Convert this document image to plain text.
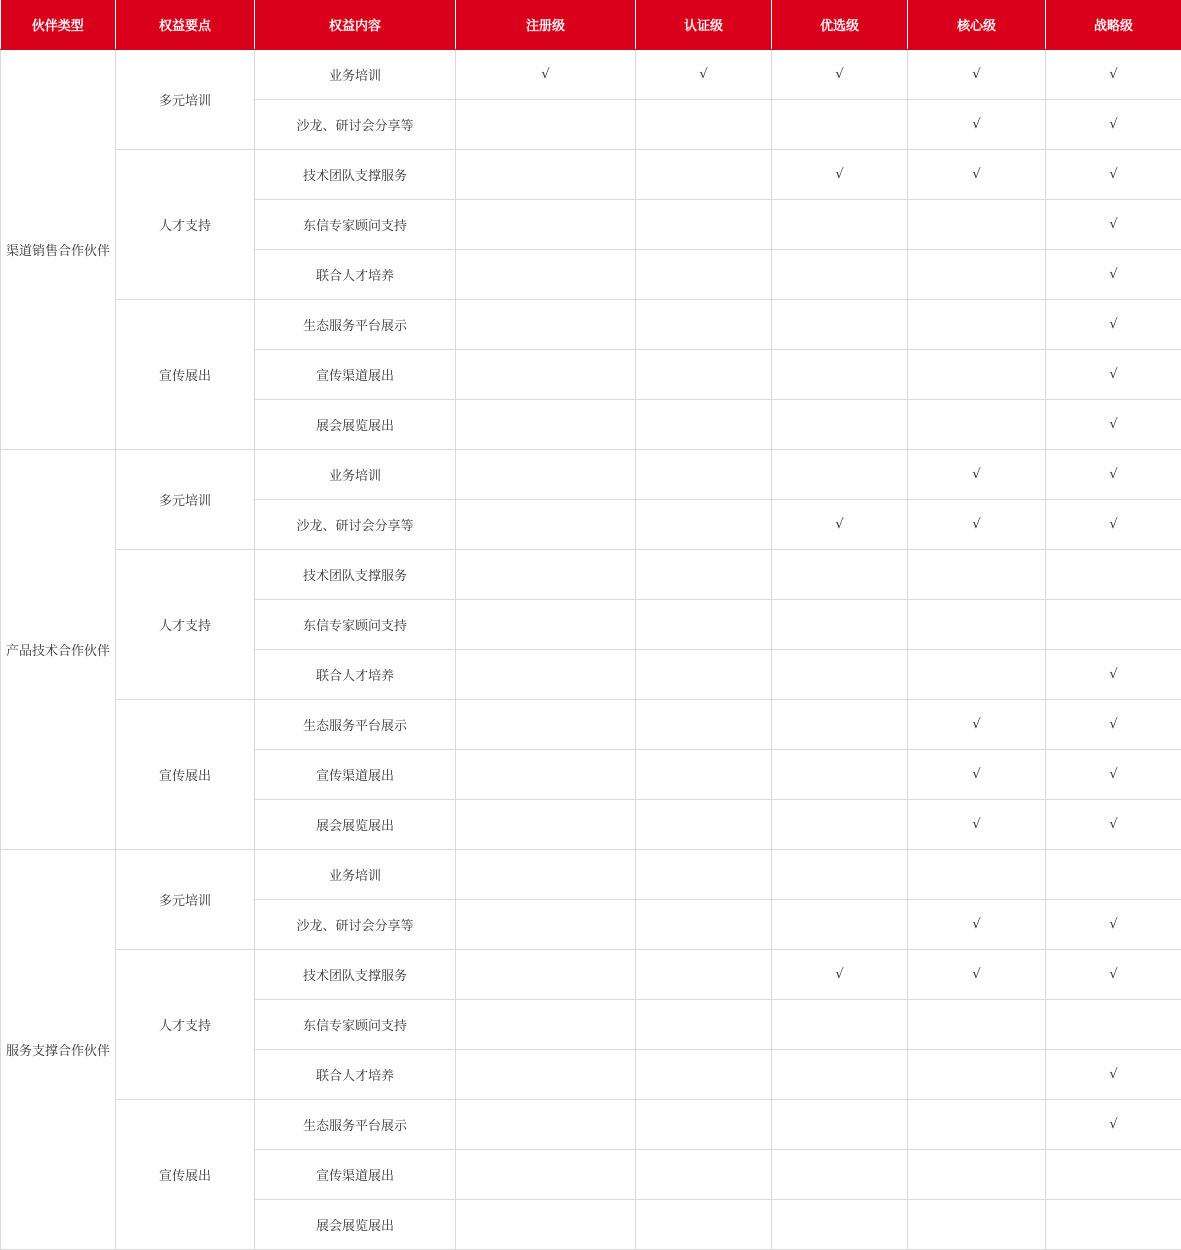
伙伴类型	权益要点	权益内容	注册级	认证级	优选级	核心级	战略级
渠道销售合作伙伴	多元培训	业务培训	√	√	√	√	√
		沙龙、研讨会分享等				√	√
	人才支持	技术团队支撑服务			√	√	√
		东信专家顾问支持					√
		联合人才培养					√
	宣传展出	生态服务平台展示					√
		宣传渠道展出					√
		展会展览展出					√
产品技术合作伙伴	多元培训	业务培训				√	√
		沙龙、研讨会分享等			√	√	√
	人才支持	技术团队支撑服务					
		东信专家顾问支持					
		联合人才培养					√
	宣传展出	生态服务平台展示				√	√
		宣传渠道展出				√	√
		展会展览展出				√	√
服务支撑合作伙伴	多元培训	业务培训					
		沙龙、研讨会分享等				√	√
	人才支持	技术团队支撑服务			√	√	√
		东信专家顾问支持					
		联合人才培养					√
	宣传展出	生态服务平台展示					√
		宣传渠道展出					
		展会展览展出					
